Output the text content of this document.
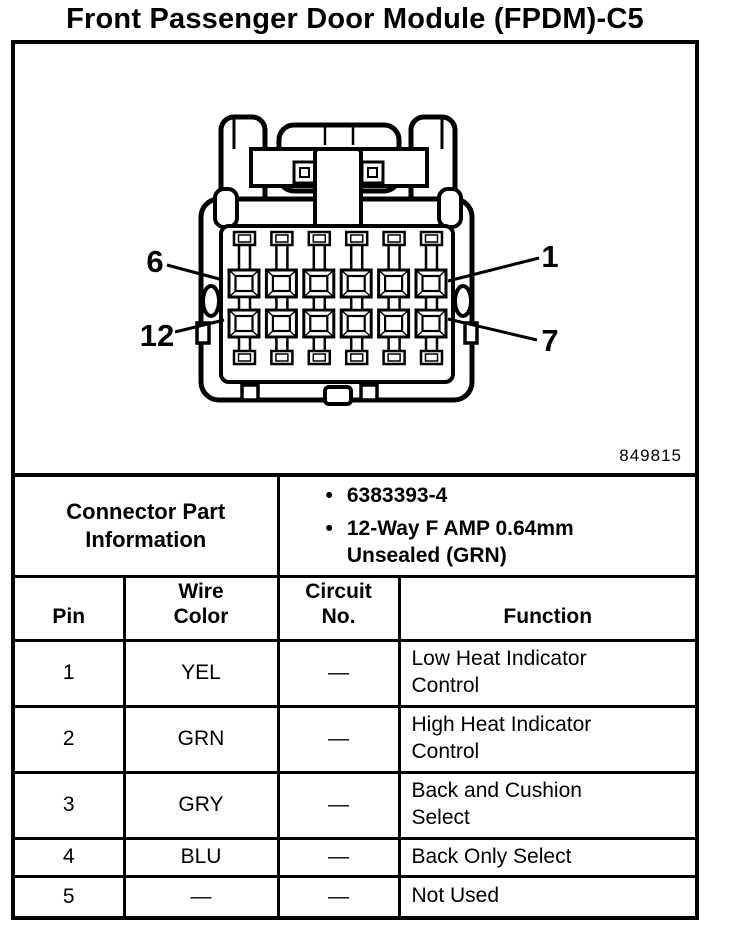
Front Passenger Door Module (FPDM)-C5
6	1
12	7
849815
Connector Part Information		• 6383393-4
• 12-Way F AMP 0.64mm Unsealed (GRN)	

Pin	Wire Color	Circuit No.	Function
1	YEL	—	Low Heat Indicator Control
2	GRN	—	High Heat Indicator Control
3	GRY	—	Back and Cushion Select
4	BLU	—	Back Only Select
5	—	—	Not Used
